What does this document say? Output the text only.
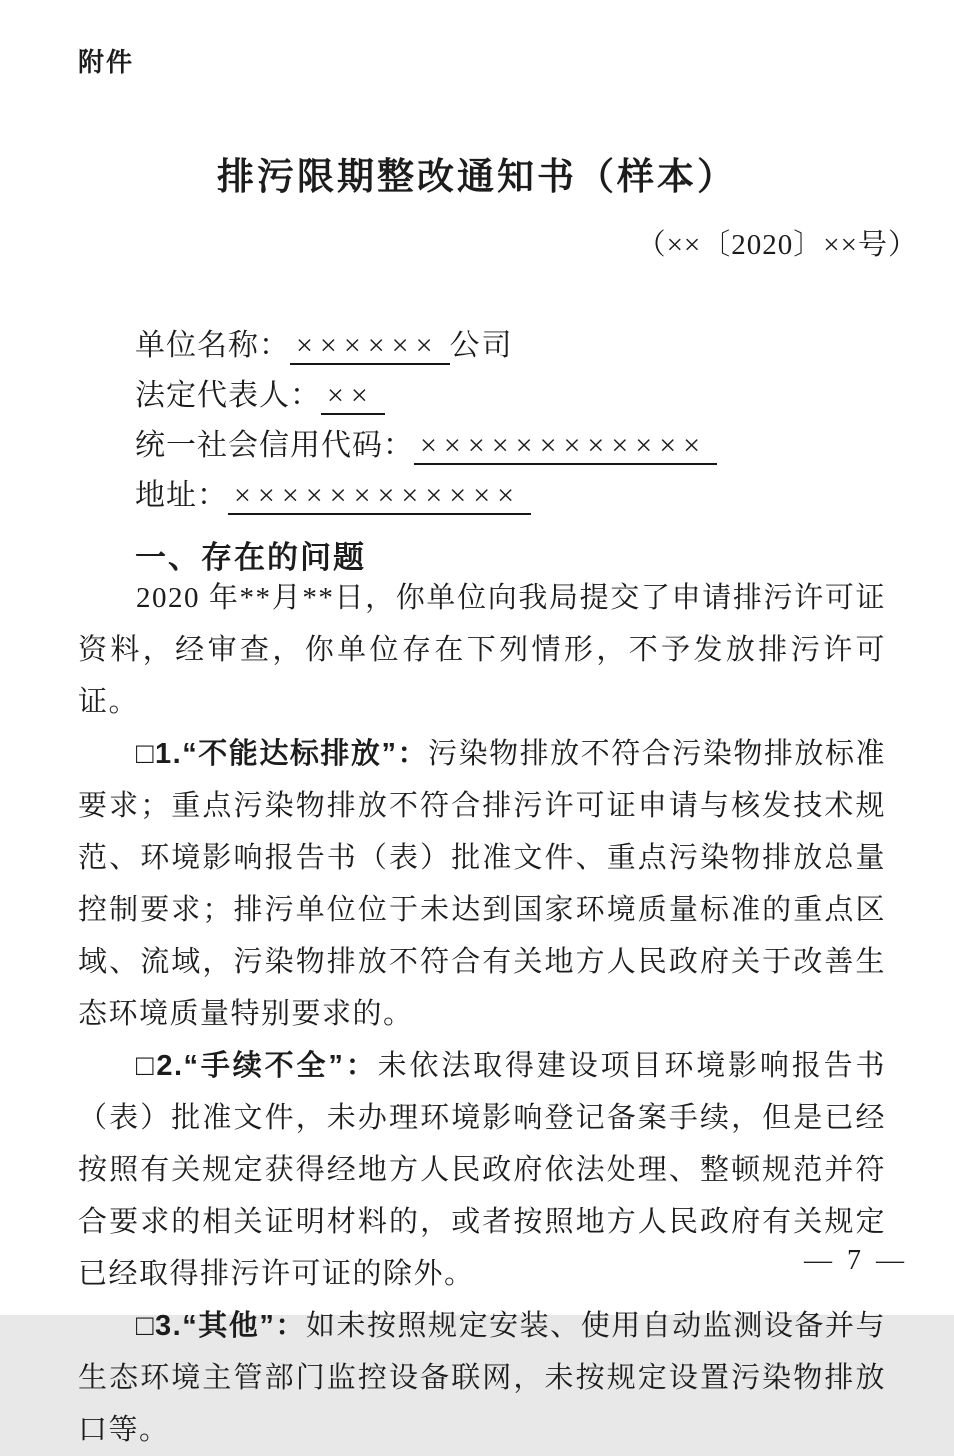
附件
排污限期整改通知书（样本）
（××〔2020〕××号）
单位名称： ×××××× 公司
法定代表人： ××
统一社会信用代码： ××××××××××××
地址： ××××××××××××
一、存在的问题

2020 年**月**日，你单位向我局提交了申请排污许可证资料，经审查，你单位存在下列情形，不予发放排污许可证。

□1.“不能达标排放”：污染物排放不符合污染物排放标准要求；重点污染物排放不符合排污许可证申请与核发技术规范、环境影响报告书（表）批准文件、重点污染物排放总量控制要求；排污单位位于未达到国家环境质量标准的重点区域、流域，污染物排放不符合有关地方人民政府关于改善生态环境质量特别要求的。

□2.“手续不全”：未依法取得建设项目环境影响报告书（表）批准文件，未办理环境影响登记备案手续，但是已经按照有关规定获得经地方人民政府依法处理、整顿规范并符合要求的相关证明材料的，或者按照地方人民政府有关规定已经取得排污许可证的除外。

□3.“其他”：如未按照规定安装、使用自动监测设备并与生态环境主管部门监控设备联网，未按规定设置污染物排放口等。

— 7 —
